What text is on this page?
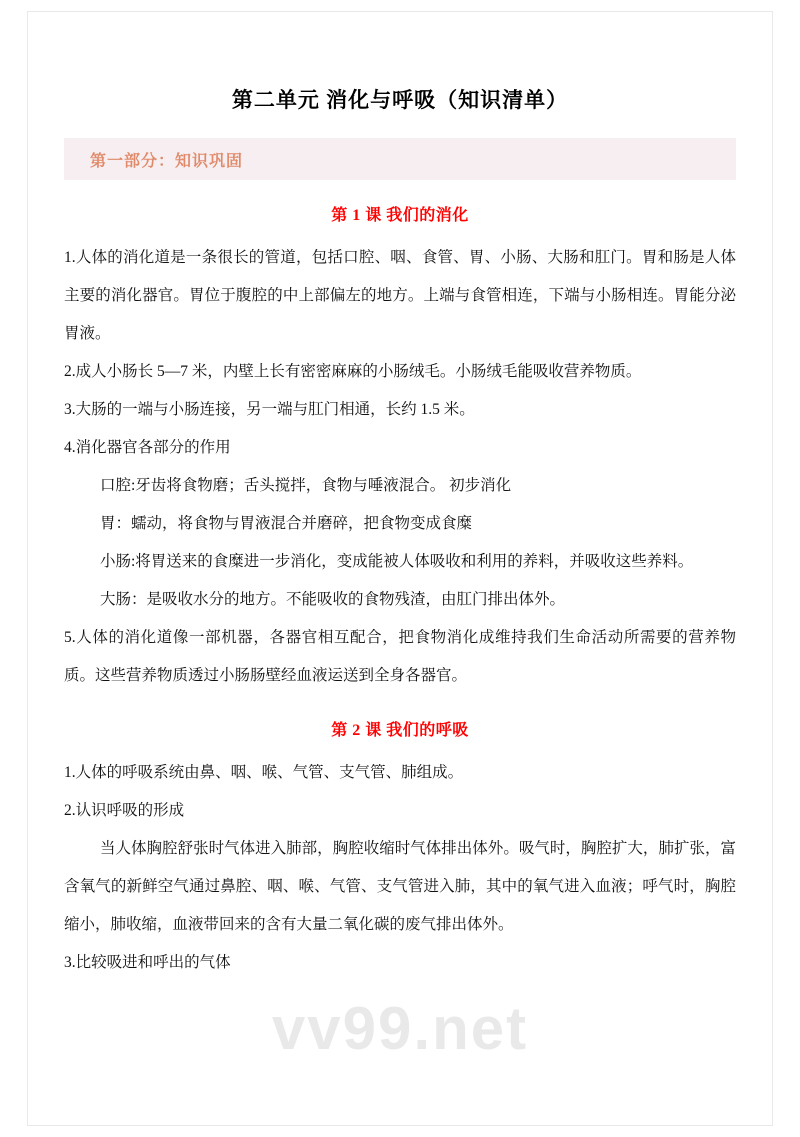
第二单元 消化与呼吸（知识清单）
第一部分：知识巩固
第 1 课 我们的消化

1.人体的消化道是一条很长的管道，包括口腔、咽、食管、胃、小肠、大肠和肛门。胃和肠是人体主要的消化器官。胃位于腹腔的中上部偏左的地方。上端与食管相连，下端与小肠相连。胃能分泌胃液。

2.成人小肠长 5—7 米，内壁上长有密密麻麻的小肠绒毛。小肠绒毛能吸收营养物质。

3.大肠的一端与小肠连接，另一端与肛门相通，长约 1.5 米。

4.消化器官各部分的作用

口腔:牙齿将食物磨；舌头搅拌，食物与唾液混合。 初步消化

胃：蠕动，将食物与胃液混合并磨碎，把食物变成食糜

小肠:将胃送来的食糜进一步消化，变成能被人体吸收和利用的养料，并吸收这些养料。

大肠：是吸收水分的地方。不能吸收的食物残渣，由肛门排出体外。

5.人体的消化道像一部机器，各器官相互配合，把食物消化成维持我们生命活动所需要的营养物质。这些营养物质透过小肠肠壁经血液运送到全身各器官。

第 2 课 我们的呼吸

1.人体的呼吸系统由鼻、咽、喉、气管、支气管、肺组成。

2.认识呼吸的形成

当人体胸腔舒张时气体进入肺部，胸腔收缩时气体排出体外。吸气时，胸腔扩大，肺扩张，富含氧气的新鲜空气通过鼻腔、咽、喉、气管、支气管进入肺，其中的氧气进入血液；呼气时，胸腔缩小，肺收缩，血液带回来的含有大量二氧化碳的废气排出体外。

3.比较吸进和呼出的气体

vv99.net
